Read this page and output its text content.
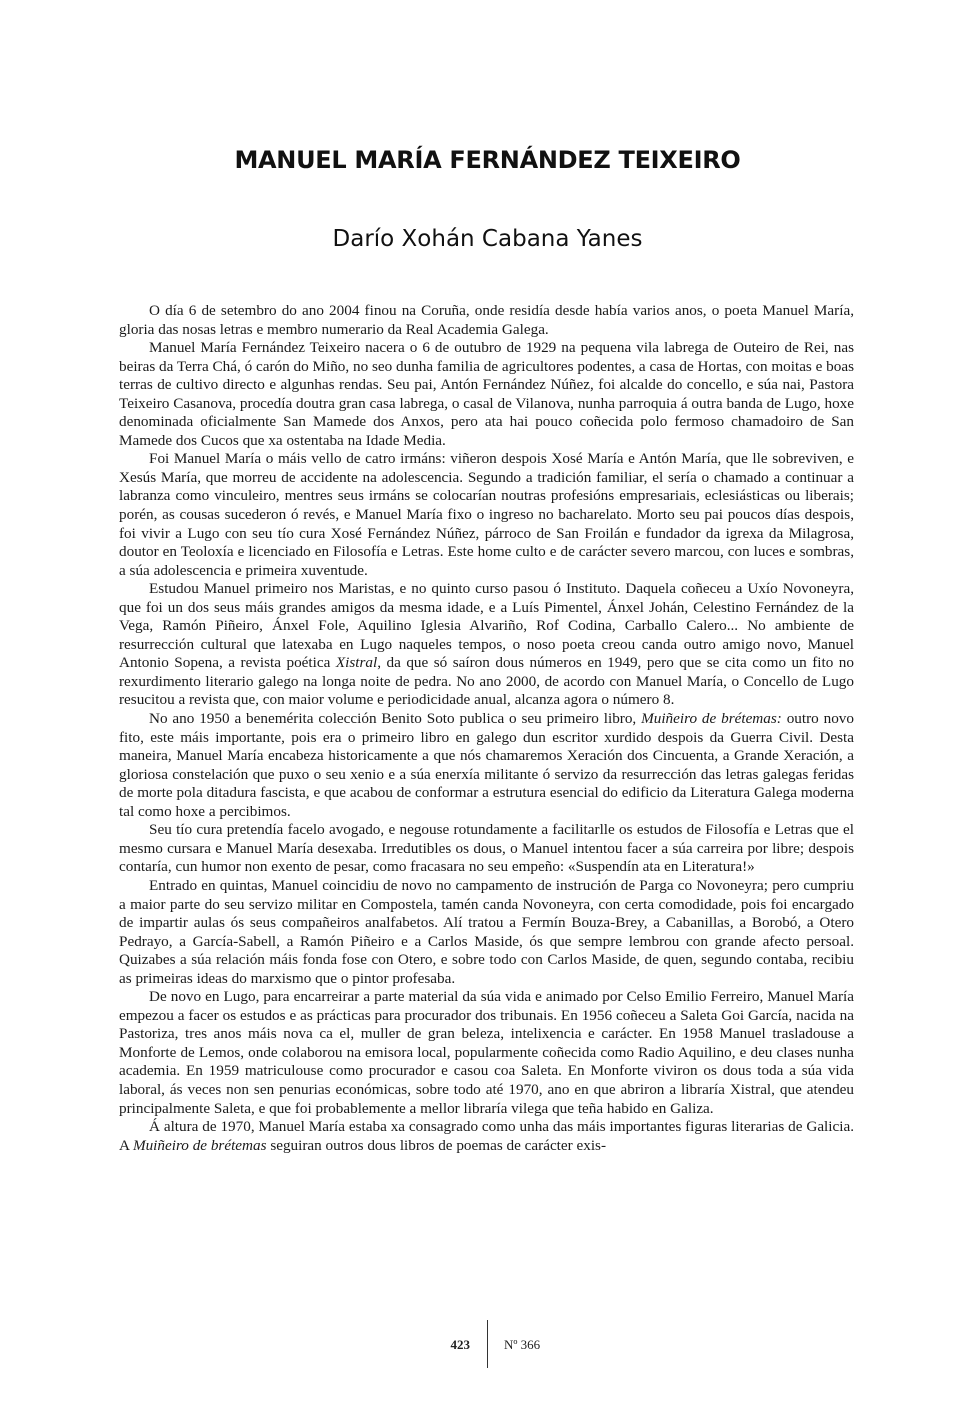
MANUEL MARÍA FERNÁNDEZ TEIXEIRO
Darío Xohán Cabana Yanes

O día 6 de setembro do ano 2004 finou na Coruña, onde residía desde había varios anos, o poeta Manuel María, gloria das nosas letras e membro numerario da Real Academia Galega.

Manuel María Fernández Teixeiro nacera o 6 de outubro de 1929 na pequena vila labrega de Outeiro de Rei, nas beiras da Terra Chá, ó carón do Miño, no seo dunha familia de agricultores podentes, a casa de Hortas, con moitas e boas terras de cultivo directo e algunhas rendas. Seu pai, Antón Fernández Núñez, foi alcalde do concello, e súa nai, Pastora Teixeiro Casanova, procedía doutra gran casa labrega, o casal de Vilanova, nunha parroquia á outra banda de Lugo, hoxe denominada oficialmente San Mamede dos Anxos, pero ata hai pouco coñecida polo fermoso chamadoiro de San Mamede dos Cucos que xa ostentaba na Idade Media.

Foi Manuel María o máis vello de catro irmáns: viñeron despois Xosé María e Antón María, que lle sobreviven, e Xesús María, que morreu de accidente na adolescencia. Segundo a tradición familiar, el sería o chamado a continuar a labranza como vinculeiro, mentres seus irmáns se colocarían noutras profesións empresariais, eclesiásticas ou liberais; porén, as cousas sucederon ó revés, e Manuel María fixo o ingreso no bacharelato. Morto seu pai poucos días despois, foi vivir a Lugo con seu tío cura Xosé Fernández Núñez, párroco de San Froilán e fundador da igrexa da Milagrosa, doutor en Teoloxía e licenciado en Filosofía e Letras. Este home culto e de carácter severo marcou, con luces e sombras, a súa adolescencia e primeira xuventude.

Estudou Manuel primeiro nos Maristas, e no quinto curso pasou ó Instituto. Daquela coñeceu a Uxío Novoneyra, que foi un dos seus máis grandes amigos da mesma idade, e a Luís Pimentel, Ánxel Johán, Celestino Fernández de la Vega, Ramón Piñeiro, Ánxel Fole, Aquilino Iglesia Alvariño, Rof Codina, Carballo Calero... No ambiente de resurrección cultural que latexaba en Lugo naqueles tempos, o noso poeta creou canda outro amigo novo, Manuel Antonio Sopena, a revista poética Xistral, da que só saíron dous números en 1949, pero que se cita como un fito no rexurdimento literario galego na longa noite de pedra. No ano 2000, de acordo con Manuel María, o Concello de Lugo resucitou a revista que, con maior volume e periodicidade anual, alcanza agora o número 8.

No ano 1950 a benemérita colección Benito Soto publica o seu primeiro libro, Muiñeiro de brétemas: outro novo fito, este máis importante, pois era o primeiro libro en galego dun escritor xurdido despois da Guerra Civil. Desta maneira, Manuel María encabeza historicamente a que nós chamaremos Xeración dos Cincuenta, a Grande Xeración, a gloriosa constelación que puxo o seu xenio e a súa enerxía militante ó servizo da resurrección das letras galegas feridas de morte pola ditadura fascista, e que acabou de conformar a estrutura esencial do edificio da Literatura Galega moderna tal como hoxe a percibimos.

Seu tío cura pretendía facelo avogado, e negouse rotundamente a facilitarlle os estudos de Filosofía e Letras que el mesmo cursara e Manuel María desexaba. Irredutibles os dous, o Manuel intentou facer a súa carreira por libre; despois contaría, cun humor non exento de pesar, como fracasara no seu empeño: «Suspendín ata en Literatura!»

Entrado en quintas, Manuel coincidiu de novo no campamento de instrución de Parga co Novoneyra; pero cumpriu a maior parte do seu servizo militar en Compostela, tamén canda Novoneyra, con certa comodidade, pois foi encargado de impartir aulas ós seus compañeiros analfabetos. Alí tratou a Fermín Bouza-Brey, a Cabanillas, a Borobó, a Otero Pedrayo, a García-Sabell, a Ramón Piñeiro e a Carlos Maside, ós que sempre lembrou con grande afecto persoal. Quizabes a súa relación máis fonda fose con Otero, e sobre todo con Carlos Maside, de quen, segundo contaba, recibiu as primeiras ideas do marxismo que o pintor profesaba.

De novo en Lugo, para encarreirar a parte material da súa vida e animado por Celso Emilio Ferreiro, Manuel María empezou a facer os estudos e as prácticas para procurador dos tribunais. En 1956 coñeceu a Saleta Goi García, nacida na Pastoriza, tres anos máis nova ca el, muller de gran beleza, intelixencia e carácter. En 1958 Manuel trasladouse a Monforte de Lemos, onde colaborou na emisora local, popularmente coñecida como Radio Aquilino, e deu clases nunha academia. En 1959 matriculouse como procurador e casou coa Saleta. En Monforte viviron os dous toda a súa vida laboral, ás veces non sen penurias económicas, sobre todo até 1970, ano en que abriron a libraría Xistral, que atendeu principalmente Saleta, e que foi probablemente a mellor libraría vilega que teña habido en Galiza.

Á altura de 1970, Manuel María estaba xa consagrado como unha das máis importantes figuras literarias de Galicia. A Muiñeiro de brétemas seguiran outros dous libros de poemas de carácter exis-

423	Nº 366
